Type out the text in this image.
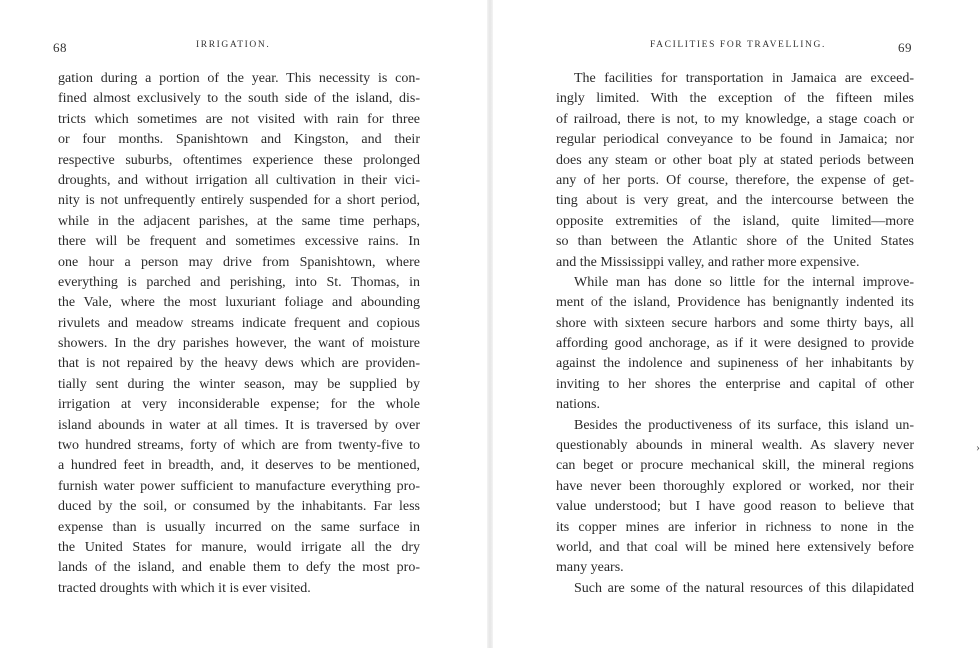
68	IRRIGATION.
gation during a portion of the year. This necessity is con-
fined almost exclusively to the south side of the island, dis-
tricts which sometimes are not visited with rain for three
or four months. Spanishtown and Kingston, and their
respective suburbs, oftentimes experience these prolonged
droughts, and without irrigation all cultivation in their vici-
nity is not unfrequently entirely suspended for a short period,
while in the adjacent parishes, at the same time perhaps,
there will be frequent and sometimes excessive rains. In
one hour a person may drive from Spanishtown, where
everything is parched and perishing, into St. Thomas, in
the Vale, where the most luxuriant foliage and abounding
rivulets and meadow streams indicate frequent and copious
showers. In the dry parishes however, the want of moisture
that is not repaired by the heavy dews which are providen-
tially sent during the winter season, may be supplied by
irrigation at very inconsiderable expense; for the whole
island abounds in water at all times. It is traversed by over
two hundred streams, forty of which are from twenty-five to
a hundred feet in breadth, and, it deserves to be mentioned,
furnish water power sufficient to manufacture everything pro-
duced by the soil, or consumed by the inhabitants. Far less
expense than is usually incurred on the same surface in
the United States for manure, would irrigate all the dry
lands of the island, and enable them to defy the most pro-
tracted droughts with which it is ever visited.
FACILITIES FOR TRAVELLING.	69
The facilities for transportation in Jamaica are exceed-
ingly limited. With the exception of the fifteen miles
of railroad, there is not, to my knowledge, a stage coach or
regular periodical conveyance to be found in Jamaica; nor
does any steam or other boat ply at stated periods between
any of her ports. Of course, therefore, the expense of get-
ting about is very great, and the intercourse between the
opposite extremities of the island, quite limited—more
so than between the Atlantic shore of the United States
and the Mississippi valley, and rather more expensive.
While man has done so little for the internal improve-
ment of the island, Providence has benignantly indented its
shore with sixteen secure harbors and some thirty bays, all
affording good anchorage, as if it were designed to provide
against the indolence and supineness of her inhabitants by
inviting to her shores the enterprise and capital of other
nations.
Besides the productiveness of its surface, this island un-
questionably abounds in mineral wealth. As slavery never
can beget or procure mechanical skill, the mineral regions
have never been thoroughly explored or worked, nor their
value understood; but I have good reason to believe that
its copper mines are inferior in richness to none in the
world, and that coal will be mined here extensively before
many years.
Such are some of the natural resources of this dilapidated
›
